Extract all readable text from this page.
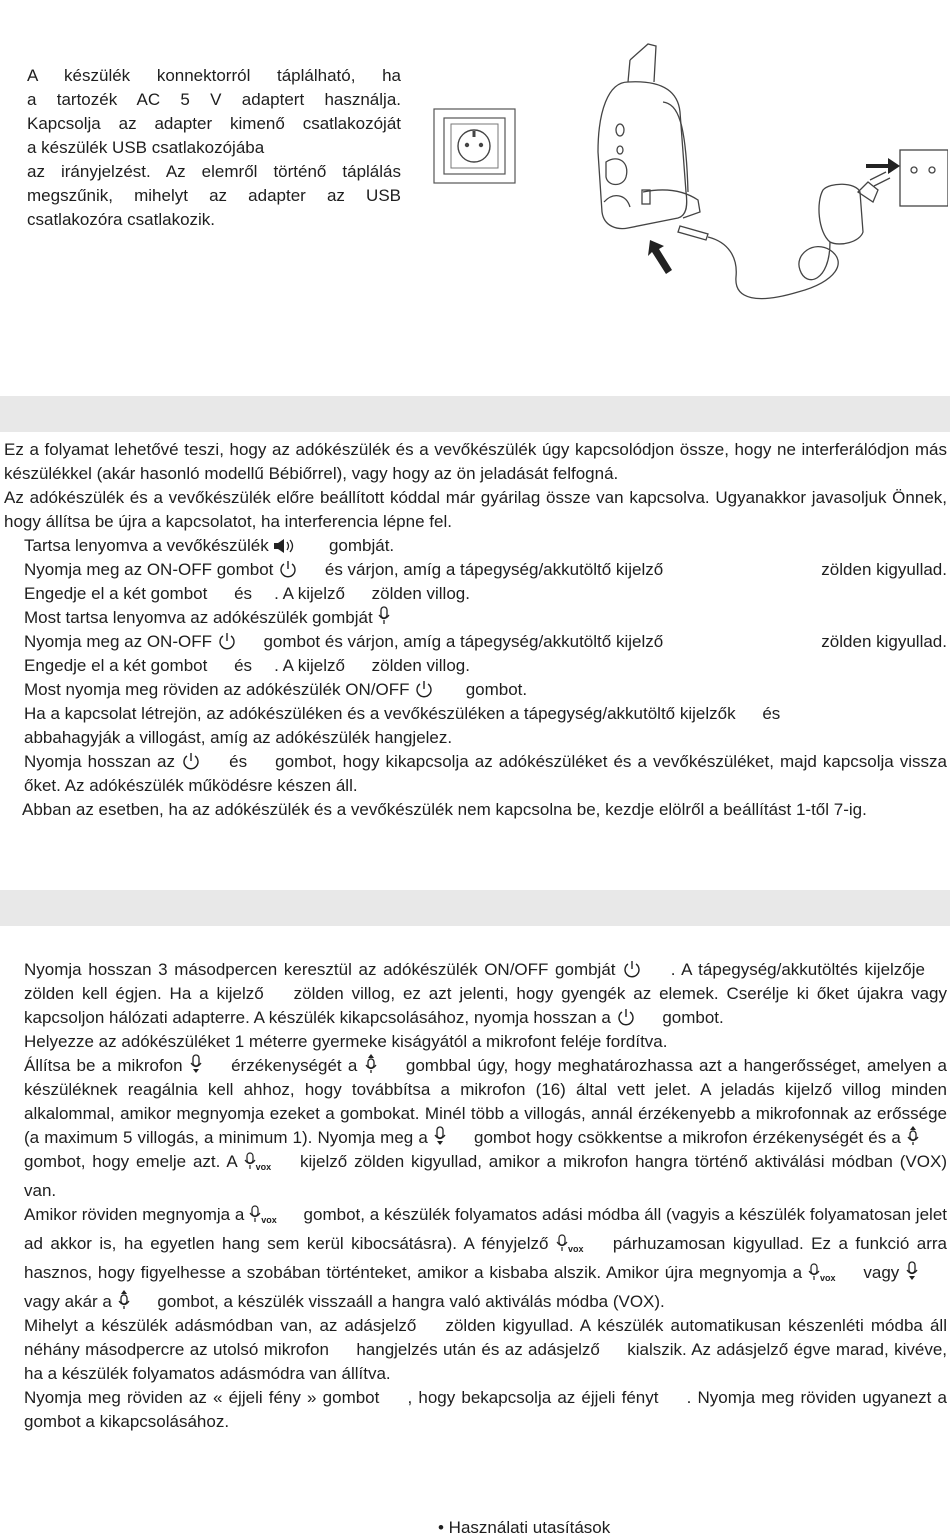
A készülék konnektorról táplálható, ha
a tartozék AC 5 V adaptert használja.
Kapcsolja az adapter kimenő csatlakozóját
a készülék USB csatlakozójába
az irányjelzést. Az elemről történő táplálás
megszűnik, mihelyt az adapter az USB
csatlakozóra csatlakozik.

Ez a folyamat lehetővé teszi, hogy az adókészülék és a vevőkészülék úgy kapcsolódjon össze, hogy ne interferálódjon más készülékkel (akár hasonló modellű Bébiőrrel), vagy hogy az ön jeladását felfogná.

Az adókészülék és a vevőkészülék előre beállított kóddal már gyárilag össze van kapcsolva. Ugyanakkor javasoljuk Önnek, hogy állítsa be újra a kapcsolatot, ha interferencia lépne fel.

Tartsa lenyomva a vevőkészülék	gombját.

Nyomja meg az ON-OFF gombot	és várjon, amíg a tápegység/akkutöltő kijelző	zölden kigyullad.

Engedje el a két gombot és . A kijelző zölden villog.

Most tartsa lenyomva az adókészülék gombját

Nyomja meg az ON-OFF	gombot és várjon, amíg a tápegység/akkutöltő kijelző	zölden kigyullad.

Engedje el a két gombot és . A kijelző zölden villog.

Most nyomja meg röviden az adókészülék ON/OFF	gombot.

Ha a kapcsolat létrejön, az adókészüléken és a vevőkészüléken a tápegység/akkutöltő kijelzők és
abbahagyják a villogást, amíg az adókészülék hangjelez.

Nyomja hosszan az	és gombot, hogy kikapcsolja az adókészüléket és a vevőkészüléket, majd kapcsolja vissza őket. Az adókészülék működésre készen áll.

Abban az esetben, ha az adókészülék és a vevőkészülék nem kapcsolna be, kezdje elölről a beállítást 1-től 7-ig.

Nyomja hosszan 3 másodpercen keresztül az adókészülék ON/OFF gombját	. A tápegység/akkutöltés kijelzője zölden kell égjen. Ha a kijelző zölden villog, ez azt jelenti, hogy gyengék az elemek. Cserélje ki őket újakra vagy kapcsoljon hálózati adapterre. A készülék kikapcsolásához, nyomja hosszan a	gombot.

Helyezze az adókészüléket 1 méterre gyermeke kiságyától a mikrofont feléje fordítva.

Állítsa be a mikrofon	érzékenységét a	gombbal úgy, hogy meghatározhassa azt a hangerősséget, amelyen a készüléknek reagálnia kell ahhoz, hogy továbbítsa a mikrofon (16) által vett jelet. A jeladás kijelző villog minden alkalommal, amikor megnyomja ezeket a gombokat. Minél több a villogás, annál érzékenyebb a mikrofonnak az erőssége (a maximum 5 villogás, a minimum 1). Nyomja meg a	gombot hogy csökkentse a mikrofon érzékenységét és a  gombot, hogy emelje azt. A vox kijelző zölden kigyullad, amikor a mikrofon hangra történő aktiválási módban (VOX) van.

Amikor röviden megnyomja a vox gombot, a készülék folyamatos adási módba áll (vagyis a készülék folyamatosan jelet ad akkor is, ha egyetlen hang sem kerül kibocsátásra). A fényjelző vox párhuzamosan kigyullad. Ez a funkció arra hasznos, hogy figyelhesse a szobában történteket, amikor a kisbaba alszik. Amikor újra megnyomja a vox vagy  vagy akár a	gombot, a készülék visszaáll a hangra való aktiválás módba (VOX).

Mihelyt a készülék adásmódban van, az adásjelző zölden kigyullad. A készülék automatikusan készenléti módba áll néhány másodpercre az utolsó mikrofon hangjelzés után és az adásjelző kialszik. Az adásjelző égve marad, kivéve, ha a készülék folyamatos adásmódra van állítva.

Nyomja meg röviden az « éjjeli fény » gombot , hogy bekapcsolja az éjjeli fényt . Nyomja meg röviden ugyanezt a gombot a kikapcsolásához.

• Használati utasítások
